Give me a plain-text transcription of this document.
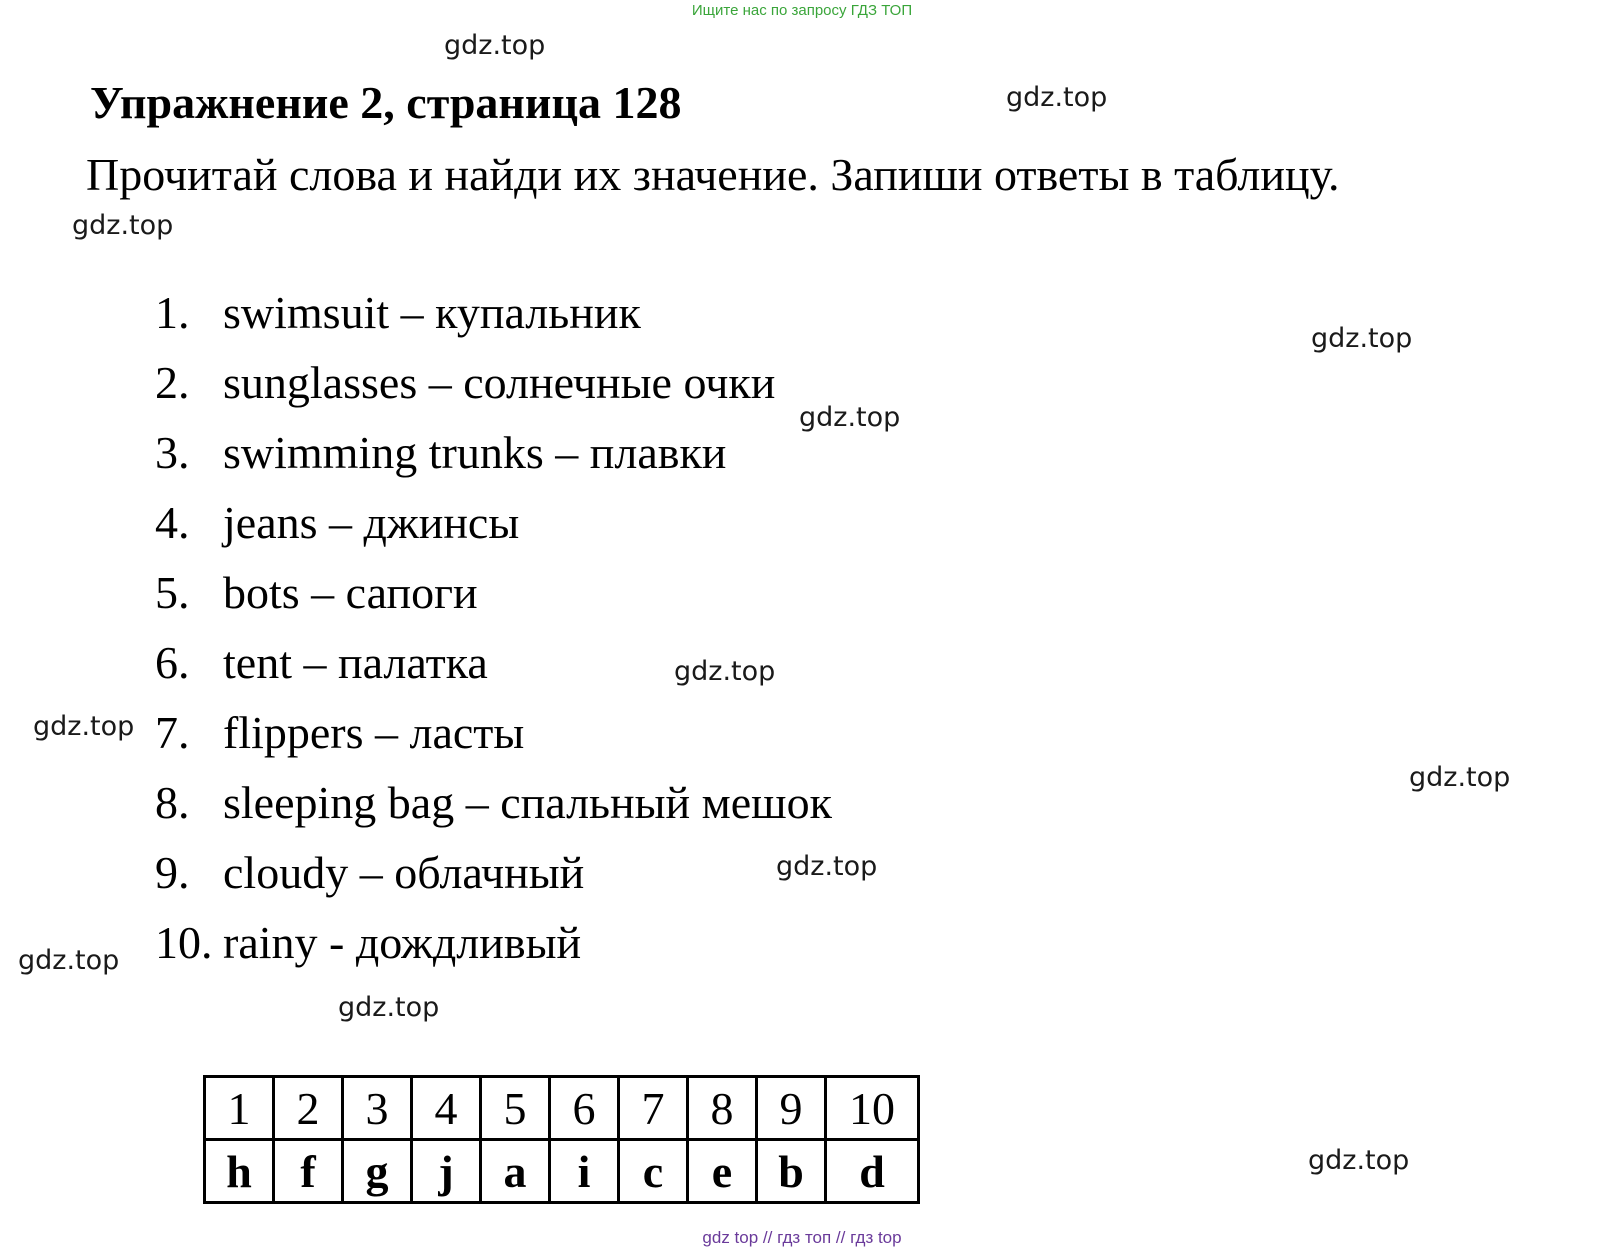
Ищите нас по запросу ГДЗ ТОП
gdz.top
gdz.top
gdz.top
gdz.top
gdz.top
gdz.top
gdz.top
gdz.top
gdz.top
gdz.top
gdz.top
gdz.top
Упражнение 2, страница 128

Прочитай слова и найди их значение. Запиши ответы в таблицу.

1. swimsuit – купальник
2. sunglasses – солнечные очки
3. swimming trunks – плавки
4. jeans – джинсы
5. bots – сапоги
6. tent – палатка
7. flippers – ласты
8. sleeping bag – спальный мешок
9. cloudy – облачный
10. rainy - дождливый
1	2	3	4	5	6	7	8	9	10
h	f	g	j	a	i	c	e	b	d
gdz top // гдз топ // гдз top
